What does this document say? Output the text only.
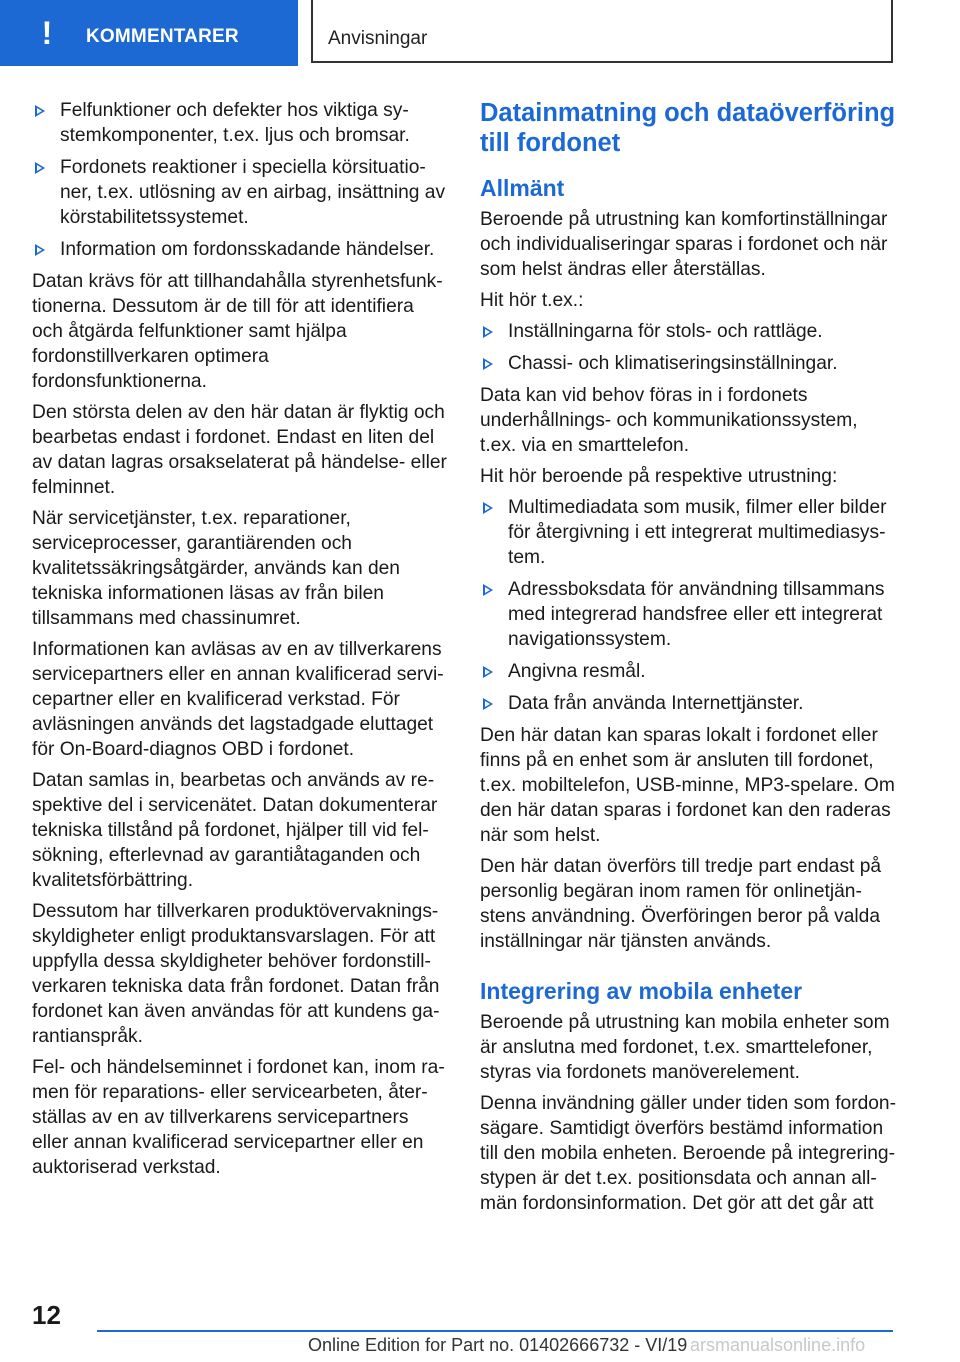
! KOMMENTARER	Anvisningar
Felfunktioner och defekter hos viktiga systemkomponenter, t.ex. ljus och bromsar.
Fordonets reaktioner i speciella körsituationer, t.ex. utlösning av en airbag, insättning av körstabilitetssystemet.
Information om fordonsskadande händelser.

Datan krävs för att tillhandahålla styrenhetsfunktionerna. Dessutom är de till för att identifiera och åtgärda felfunktioner samt hjälpa fordonstillverkaren optimera fordonsfunktionerna.

Den största delen av den här datan är flyktig och bearbetas endast i fordonet. Endast en liten del av datan lagras orsakselaterat på händelse- eller felminnet.

När servicetjänster, t.ex. reparationer, serviceprocesser, garantiärenden och kvalitetssäkringsåtgärder, används kan den tekniska informationen läsas av från bilen tillsammans med chassinumret.

Informationen kan avläsas av en av tillverkarens servicepartners eller en annan kvalificerad servicepartner eller en kvalificerad verkstad. För avläsningen används det lagstadgade eluttaget för On-Board-diagnos OBD i fordonet.

Datan samlas in, bearbetas och används av respektive del i servicenätet. Datan dokumenterar tekniska tillstånd på fordonet, hjälper till vid felsökning, efterlevnad av garantiåtaganden och kvalitetsförbättring.

Dessutom har tillverkaren produktövervakningsskyldigheter enligt produktansvarslagen. För att uppfylla dessa skyldigheter behöver fordonstillverkaren tekniska data från fordonet. Datan från fordonet kan även användas för att kundens garantianspråk.

Fel- och händelseminnet i fordonet kan, inom ramen för reparations- eller servicearbeten, återställas av en av tillverkarens servicepartners eller annan kvalificerad servicepartner eller en auktoriserad verkstad.

Datainmatning och dataöverföring till fordonet
Allmänt

Beroende på utrustning kan komfortinställningar och individualiseringar sparas i fordonet och när som helst ändras eller återställas.

Hit hör t.ex.:

Inställningarna för stols- och rattläge.
Chassi- och klimatiseringsinställningar.

Data kan vid behov föras in i fordonets underhållnings- och kommunikationssystem, t.ex. via en smarttelefon.

Hit hör beroende på respektive utrustning:

Multimediadata som musik, filmer eller bilder för återgivning i ett integrerat multimediasystem.
Adressboksdata för användning tillsammans med integrerad handsfree eller ett integrerat navigationssystem.
Angivna resmål.
Data från använda Internettjänster.

Den här datan kan sparas lokalt i fordonet eller finns på en enhet som är ansluten till fordonet, t.ex. mobiltelefon, USB-minne, MP3-spelare. Om den här datan sparas i fordonet kan den raderas när som helst.

Den här datan överförs till tredje part endast på personlig begäran inom ramen för onlinetjänstens användning. Överföringen beror på valda inställningar när tjänsten används.

Integrering av mobila enheter

Beroende på utrustning kan mobila enheter som är anslutna med fordonet, t.ex. smarttelefoner, styras via fordonets manöverelement.

Denna invändning gäller under tiden som fordonsägare. Samtidigt överförs bestämd information till den mobila enheten. Beroende på integreringstypen är det t.ex. positionsdata och annan allmän fordonsinformation. Det gör att det går att

12
Online Edition for Part no. 01402666732 - VI/19 arsmanualsonline.info
